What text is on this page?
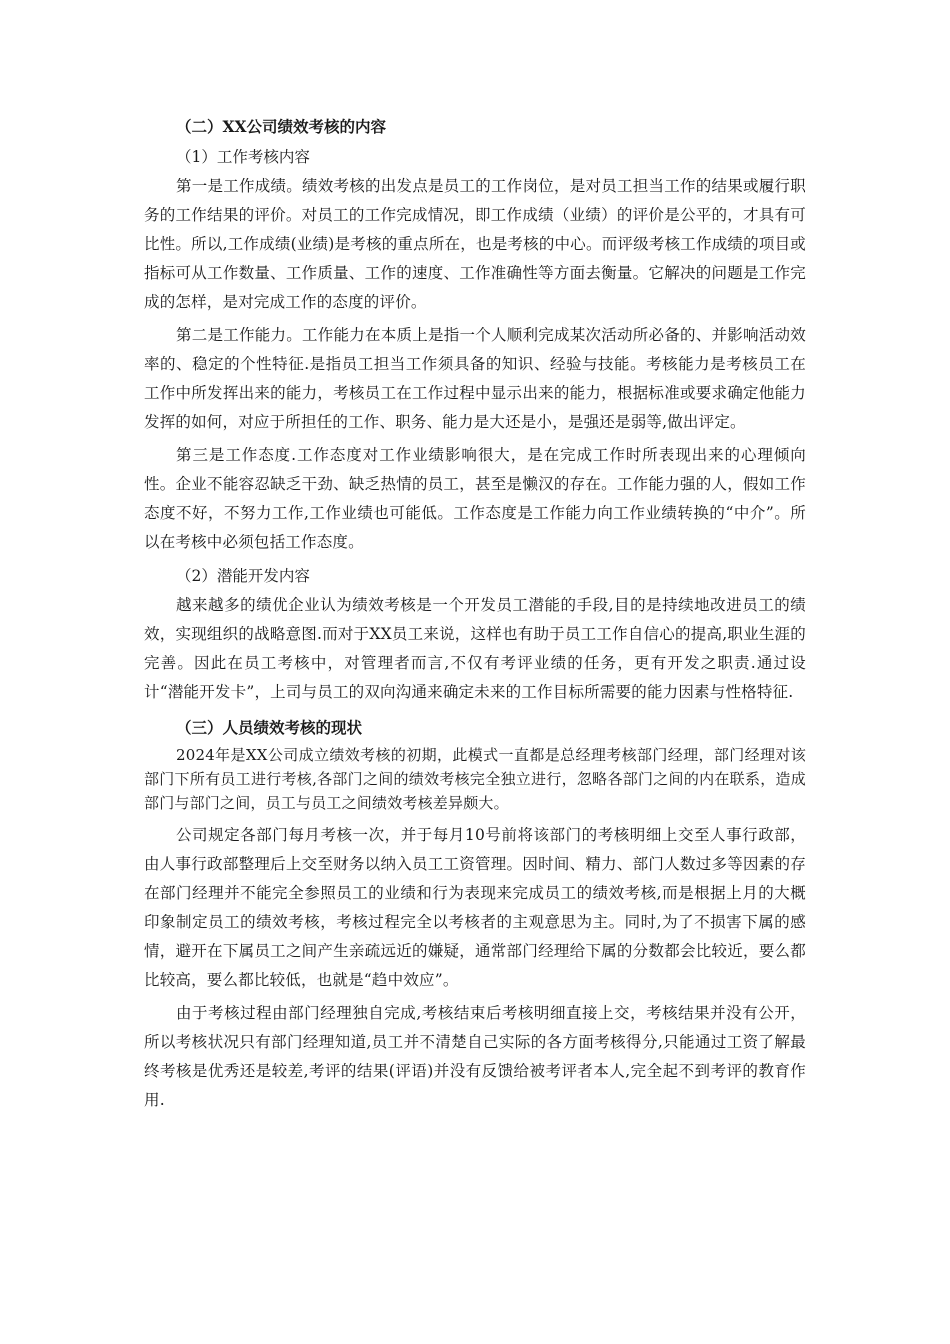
（二）XX公司绩效考核的内容

（1）工作考核内容

第一是工作成绩。绩效考核的出发点是员工的工作岗位，是对员工担当工作的结果或履行职务的工作结果的评价。对员工的工作完成情况，即工作成绩（业绩）的评价是公平的，才具有可比性。所以,工作成绩(业绩)是考核的重点所在，也是考核的中心。而评级考核工作成绩的项目或指标可从工作数量、工作质量、工作的速度、工作准确性等方面去衡量。它解决的问题是工作完成的怎样，是对完成工作的态度的评价。

第二是工作能力。工作能力在本质上是指一个人顺利完成某次活动所必备的、并影响活动效率的、稳定的个性特征.是指员工担当工作须具备的知识、经验与技能。考核能力是考核员工在工作中所发挥出来的能力，考核员工在工作过程中显示出来的能力，根据标准或要求确定他能力发挥的如何，对应于所担任的工作、职务、能力是大还是小，是强还是弱等,做出评定。

第三是工作态度.工作态度对工作业绩影响很大，是在完成工作时所表现出来的心理倾向性。企业不能容忍缺乏干劲、缺乏热情的员工，甚至是懒汉的存在。工作能力强的人，假如工作态度不好，不努力工作,工作业绩也可能低。工作态度是工作能力向工作业绩转换的“中介”。所以在考核中必须包括工作态度。

（2）潜能开发内容

越来越多的绩优企业认为绩效考核是一个开发员工潜能的手段,目的是持续地改进员工的绩效，实现组织的战略意图.而对于XX员工来说，这样也有助于员工工作自信心的提高,职业生涯的完善。因此在员工考核中，对管理者而言,不仅有考评业绩的任务，更有开发之职责.通过设计“潜能开发卡”，上司与员工的双向沟通来确定未来的工作目标所需要的能力因素与性格特征.

（三）人员绩效考核的现状

2024年是XX公司成立绩效考核的初期，此模式一直都是总经理考核部门经理，部门经理对该部门下所有员工进行考核,各部门之间的绩效考核完全独立进行，忽略各部门之间的内在联系，造成部门与部门之间，员工与员工之间绩效考核差异颇大。

公司规定各部门每月考核一次，并于每月10号前将该部门的考核明细上交至人事行政部，由人事行政部整理后上交至财务以纳入员工工资管理。因时间、精力、部门人数过多等因素的存在部门经理并不能完全参照员工的业绩和行为表现来完成员工的绩效考核,而是根据上月的大概印象制定员工的绩效考核，考核过程完全以考核者的主观意思为主。同时,为了不损害下属的感情，避开在下属员工之间产生亲疏远近的嫌疑，通常部门经理给下属的分数都会比较近，要么都比较高，要么都比较低，也就是“趋中效应”。

由于考核过程由部门经理独自完成,考核结束后考核明细直接上交，考核结果并没有公开，所以考核状况只有部门经理知道,员工并不清楚自己实际的各方面考核得分,只能通过工资了解最终考核是优秀还是较差,考评的结果(评语)并没有反馈给被考评者本人,完全起不到考评的教育作用.
